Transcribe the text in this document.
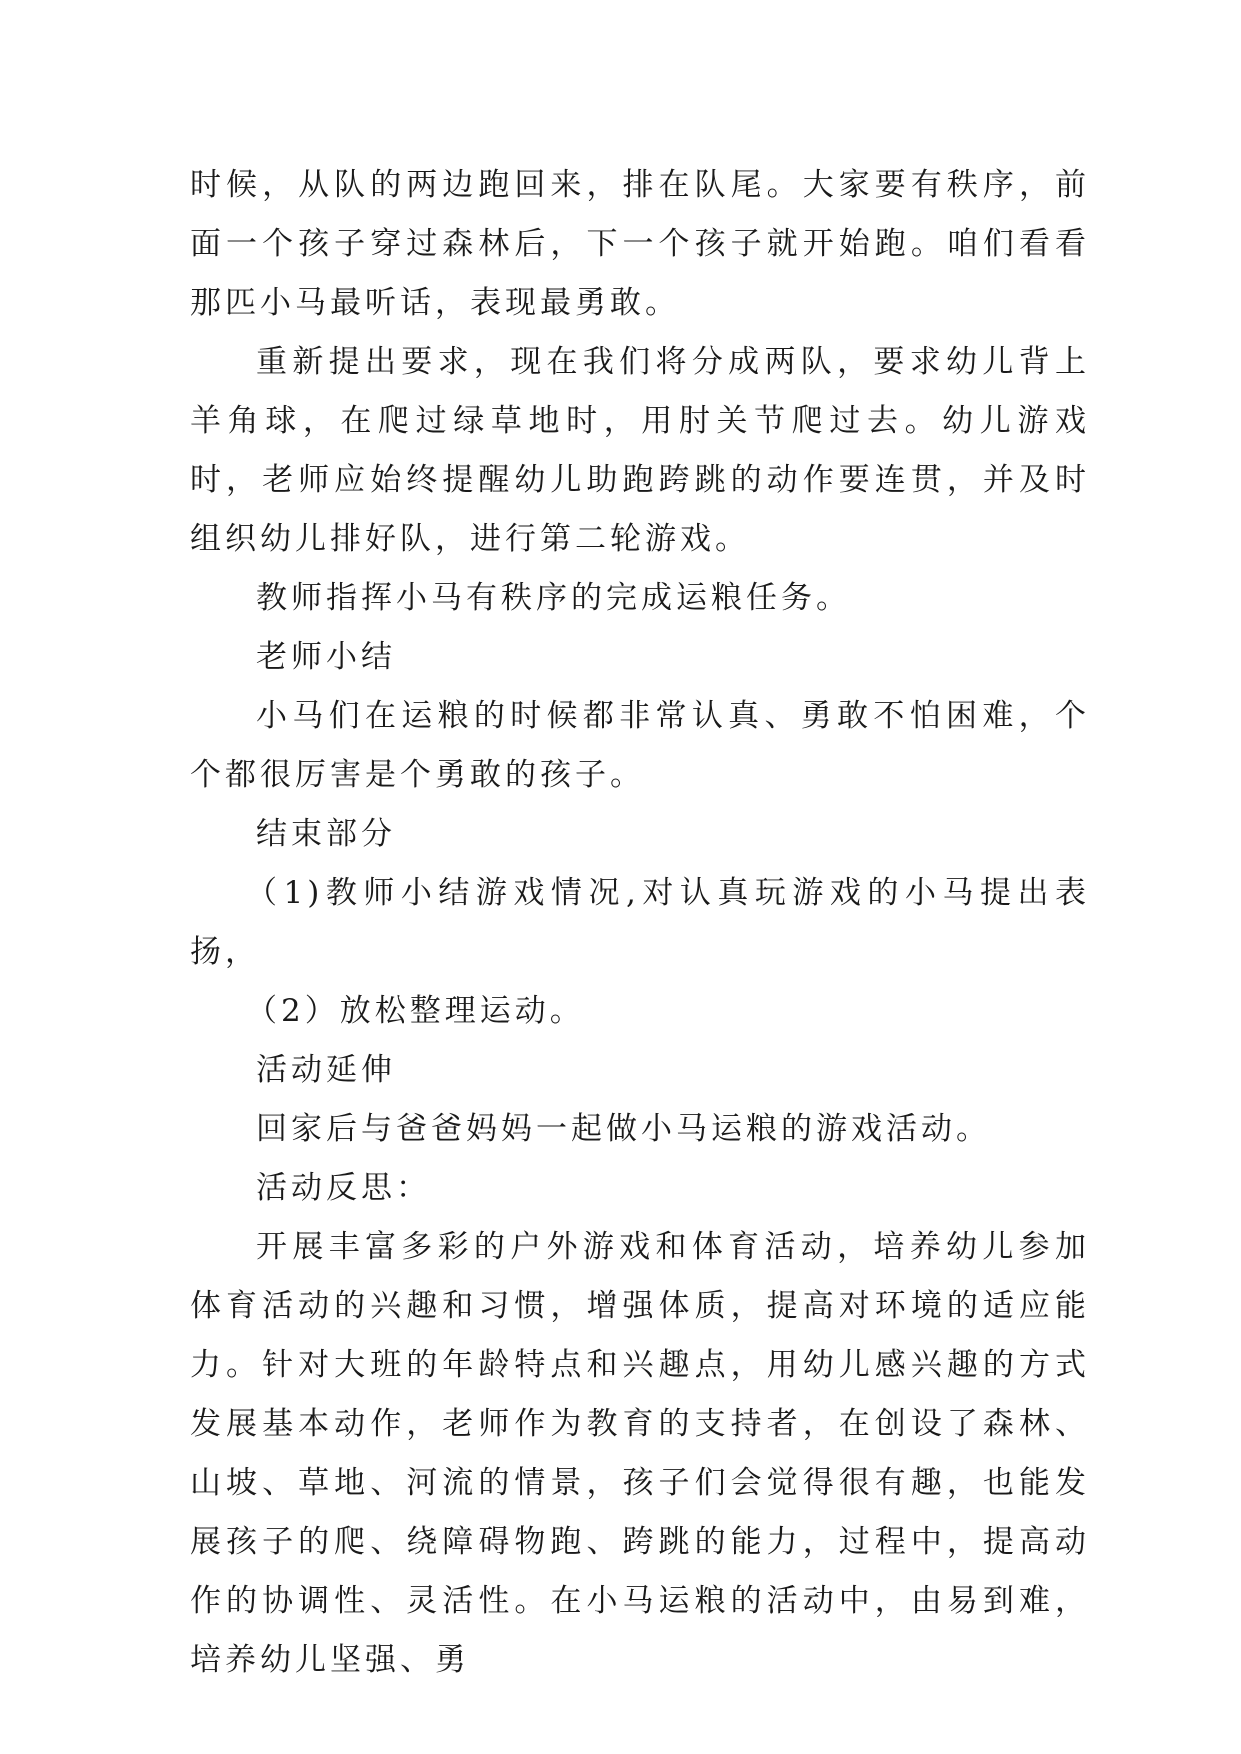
时候，从队的两边跑回来，排在队尾。大家要有秩序，前面一个孩子穿过森林后，下一个孩子就开始跑。咱们看看那匹小马最听话，表现最勇敢。

重新提出要求，现在我们将分成两队，要求幼儿背上羊角球，在爬过绿草地时，用肘关节爬过去。幼儿游戏时，老师应始终提醒幼儿助跑跨跳的动作要连贯，并及时组织幼儿排好队，进行第二轮游戏。

教师指挥小马有秩序的完成运粮任务。

老师小结

小马们在运粮的时候都非常认真、勇敢不怕困难，个个都很厉害是个勇敢的孩子。

结束部分

（1)教师小结游戏情况,对认真玩游戏的小马提出表扬，

（2）放松整理运动。

活动延伸

回家后与爸爸妈妈一起做小马运粮的游戏活动。

活动反思：

开展丰富多彩的户外游戏和体育活动，培养幼儿参加体育活动的兴趣和习惯，增强体质，提高对环境的适应能力。针对大班的年龄特点和兴趣点，用幼儿感兴趣的方式发展基本动作，老师作为教育的支持者，在创设了森林、山坡、草地、河流的情景，孩子们会觉得很有趣，也能发展孩子的爬、绕障碍物跑、跨跳的能力，过程中，提高动作的协调性、灵活性。在小马运粮的活动中，由易到难，培养幼儿坚强、勇
